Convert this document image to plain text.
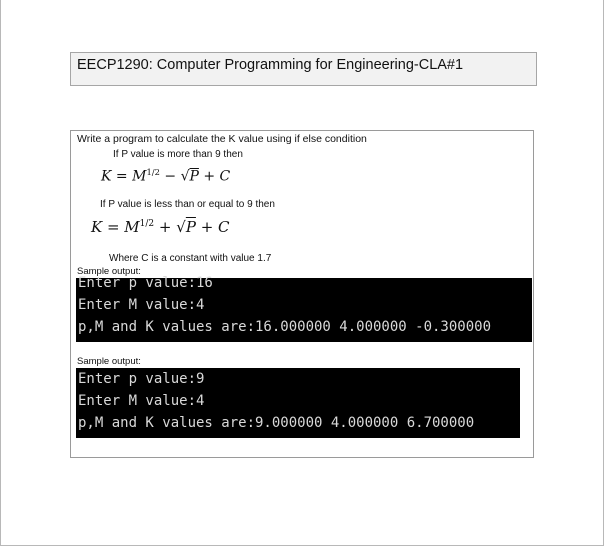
EECP1290: Computer Programming for Engineering-CLA#1
Write a program to calculate the K value using if else condition
If P value is more than 9 then
$K = M^{1/2} - √P + C$
If P value is less than or equal to 9 then
$K = M^{1/2} + √P + C$
Where C is a constant with value 1.7
Sample output:
Enter p value:16
Enter M value:4
p,M and K values are:16.000000 4.000000 -0.300000
Sample output:
Enter p value:9
Enter M value:4
p,M and K values are:9.000000 4.000000 6.700000
